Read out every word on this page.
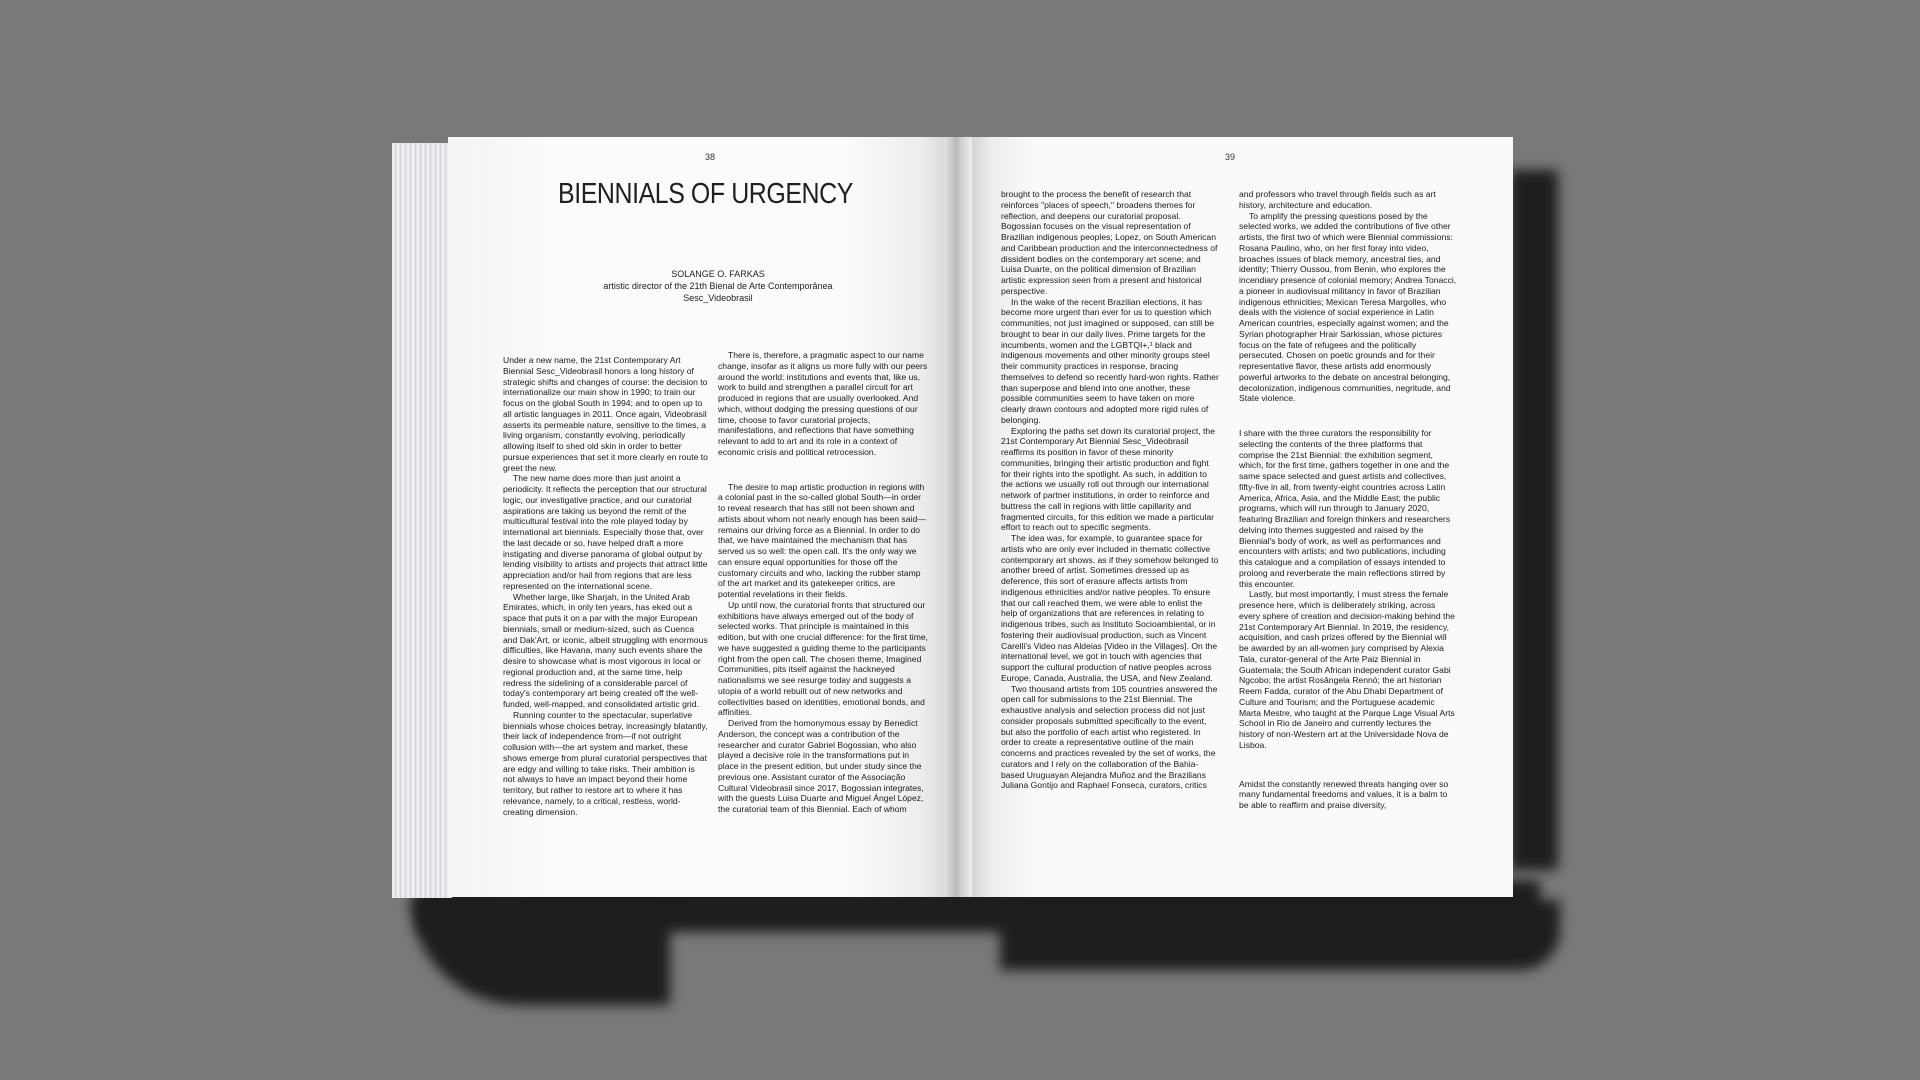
38
BIENNIALS OF URGENCY
SOLANGE O. FARKAS
artistic director of the 21th Bienal de Arte Contemporânea
Sesc_Videobrasil

Under a new name, the 21st Contemporary Art Biennial Sesc_Videobrasil honors a long history of strategic shifts and changes of course: the decision to internationalize our main show in 1990; to train our focus on the global South in 1994; and to open up to all artistic languages in 2011. Once again, Videobrasil asserts its permeable nature, sensitive to the times, a living organism, constantly evolving, periodically allowing itself to shed old skin in order to better pursue experiences that set it more clearly en route to greet the new.

The new name does more than just anoint a periodicity. It reflects the perception that our structural logic, our investigative practice, and our curatorial aspirations are taking us beyond the remit of the multicultural festival into the role played today by international art biennials. Especially those that, over the last decade or so, have helped draft a more instigating and diverse panorama of global output by lending visibility to artists and projects that attract little appreciation and/or hail from regions that are less represented on the international scene.

Whether large, like Sharjah, in the United Arab Emirates, which, in only ten years, has eked out a space that puts it on a par with the major European biennials, small or medium-sized, such as Cuenca and Dak'Art, or iconic, albeit struggling with enormous difficulties, like Havana, many such events share the desire to showcase what is most vigorous in local or regional production and, at the same time, help redress the sidelining of a considerable parcel of today's contemporary art being created off the well-funded, well-mapped, and consolidated artistic grid.

Running counter to the spectacular, superlative biennials whose choices betray, increasingly blatantly, their lack of independence from—if not outright collusion with—the art system and market, these shows emerge from plural curatorial perspectives that are edgy and willing to take risks. Their ambition is not always to have an impact beyond their home territory, but rather to restore art to where it has relevance, namely, to a critical, restless, world-creating dimension.

There is, therefore, a pragmatic aspect to our name change, insofar as it aligns us more fully with our peers around the world: institutions and events that, like us, work to build and strengthen a parallel circuit for art produced in regions that are usually overlooked. And which, without dodging the pressing questions of our time, choose to favor curatorial projects, manifestations, and reflections that have something relevant to add to art and its role in a context of economic crisis and political retrocession.

The desire to map artistic production in regions with a colonial past in the so-called global South—in order to reveal research that has still not been shown and artists about whom not nearly enough has been said—remains our driving force as a Biennial. In order to do that, we have maintained the mechanism that has served us so well: the open call. It's the only way we can ensure equal opportunities for those off the customary circuits and who, lacking the rubber stamp of the art market and its gatekeeper critics, are potential revelations in their fields.

Up until now, the curatorial fronts that structured our exhibitions have always emerged out of the body of selected works. That principle is maintained in this edition, but with one crucial difference: for the first time, we have suggested a guiding theme to the participants right from the open call. The chosen theme, Imagined Communities, pits itself against the hackneyed nationalisms we see resurge today and suggests a utopia of a world rebuilt out of new networks and collectivities based on identities, emotional bonds, and affinities.

Derived from the homonymous essay by Benedict Anderson, the concept was a contribution of the researcher and curator Gabriel Bogossian, who also played a decisive role in the transformations put in place in the present edition, but under study since the previous one. Assistant curator of the Associação Cultural Videobrasil since 2017, Bogossian integrates, with the guests Luisa Duarte and Miguel Ángel López, the curatorial team of this Biennial. Each of whom

39

brought to the process the benefit of research that reinforces "places of speech," broadens themes for reflection, and deepens our curatorial proposal. Bogossian focuses on the visual representation of Brazilian indigenous peoples; Lopez, on South American and Caribbean production and the interconnectedness of dissident bodies on the contemporary art scene; and Luisa Duarte, on the political dimension of Brazilian artistic expression seen from a present and historical perspective.

In the wake of the recent Brazilian elections, it has become more urgent than ever for us to question which communities, not just imagined or supposed, can still be brought to bear in our daily lives. Prime targets for the incumbents, women and the LGBTQI+,¹ black and indigenous movements and other minority groups steel their community practices in response, bracing themselves to defend so recently hard-won rights. Rather than superpose and blend into one another, these possible communities seem to have taken on more clearly drawn contours and adopted more rigid rules of belonging.

Exploring the paths set down its curatorial project, the 21st Contemporary Art Biennial Sesc_Videobrasil reaffirms its position in favor of these minority communities, bringing their artistic production and fight for their rights into the spotlight. As such, in addition to the actions we usually roll out through our international network of partner institutions, in order to reinforce and buttress the call in regions with little capillarity and fragmented circuits, for this edition we made a particular effort to reach out to specific segments.

The idea was, for example, to guarantee space for artists who are only ever included in thematic collective contemporary art shows, as if they somehow belonged to another breed of artist. Sometimes dressed up as deference, this sort of erasure affects artists from indigenous ethnicities and/or native peoples. To ensure that our call reached them, we were able to enlist the help of organizations that are references in relating to indigenous tribes, such as Instituto Socioambiental, or in fostering their audiovisual production, such as Vincent Carelli's Video nas Aldeias [Video in the Villages]. On the international level, we got in touch with agencies that support the cultural production of native peoples across Europe, Canada, Australia, the USA, and New Zealand.

Two thousand artists from 105 countries answered the open call for submissions to the 21st Biennial. The exhaustive analysis and selection process did not just consider proposals submitted specifically to the event, but also the portfolio of each artist who registered. In order to create a representative outline of the main concerns and practices revealed by the set of works, the curators and I rely on the collaboration of the Bahia-based Uruguayan Alejandra Muñoz and the Brazilians Juliana Gontijo and Raphael Fonseca, curators, critics

and professors who travel through fields such as art history, architecture and education.

To amplify the pressing questions posed by the selected works, we added the contributions of five other artists, the first two of which were Biennial commissions: Rosana Paulino, who, on her first foray into video, broaches issues of black memory, ancestral ties, and identity; Thierry Oussou, from Benin, who explores the incendiary presence of colonial memory; Andrea Tonacci, a pioneer in audiovisual militancy in favor of Brazilian indigenous ethnicities; Mexican Teresa Margolles, who deals with the violence of social experience in Latin American countries, especially against women; and the Syrian photographer Hrair Sarkissian, whose pictures focus on the fate of refugees and the politically persecuted. Chosen on poetic grounds and for their representative flavor, these artists add enormously powerful artworks to the debate on ancestral belonging, decolonization, indigenous communities, negritude, and State violence.

I share with the three curators the responsibility for selecting the contents of the three platforms that comprise the 21st Biennial: the exhibition segment, which, for the first time, gathers together in one and the same space selected and guest artists and collectives, fifty-five in all, from twenty-eight countries across Latin America, Africa, Asia, and the Middle East; the public programs, which will run through to January 2020, featuring Brazilian and foreign thinkers and researchers delving into themes suggested and raised by the Biennial's body of work, as well as performances and encounters with artists; and two publications, including this catalogue and a compilation of essays intended to prolong and reverberate the main reflections stirred by this encounter.

Lastly, but most importantly, I must stress the female presence here, which is deliberately striking, across every sphere of creation and decision-making behind the 21st Contemporary Art Biennial. In 2019, the residency, acquisition, and cash prizes offered by the Biennial will be awarded by an all-women jury comprised by Alexia Tala, curator-general of the Arte Paiz Biennial in Guatemala; the South African independent curator Gabi Ngcobo; the artist Rosângela Rennó; the art historian Reem Fadda, curator of the Abu Dhabi Department of Culture and Tourism; and the Portuguese academic Marta Mestre, who taught at the Parque Lage Visual Arts School in Rio de Janeiro and currently lectures the history of non-Western art at the Universidade Nova de Lisboa.

Amidst the constantly renewed threats hanging over so many fundamental freedoms and values, it is a balm to be able to reaffirm and praise diversity,
